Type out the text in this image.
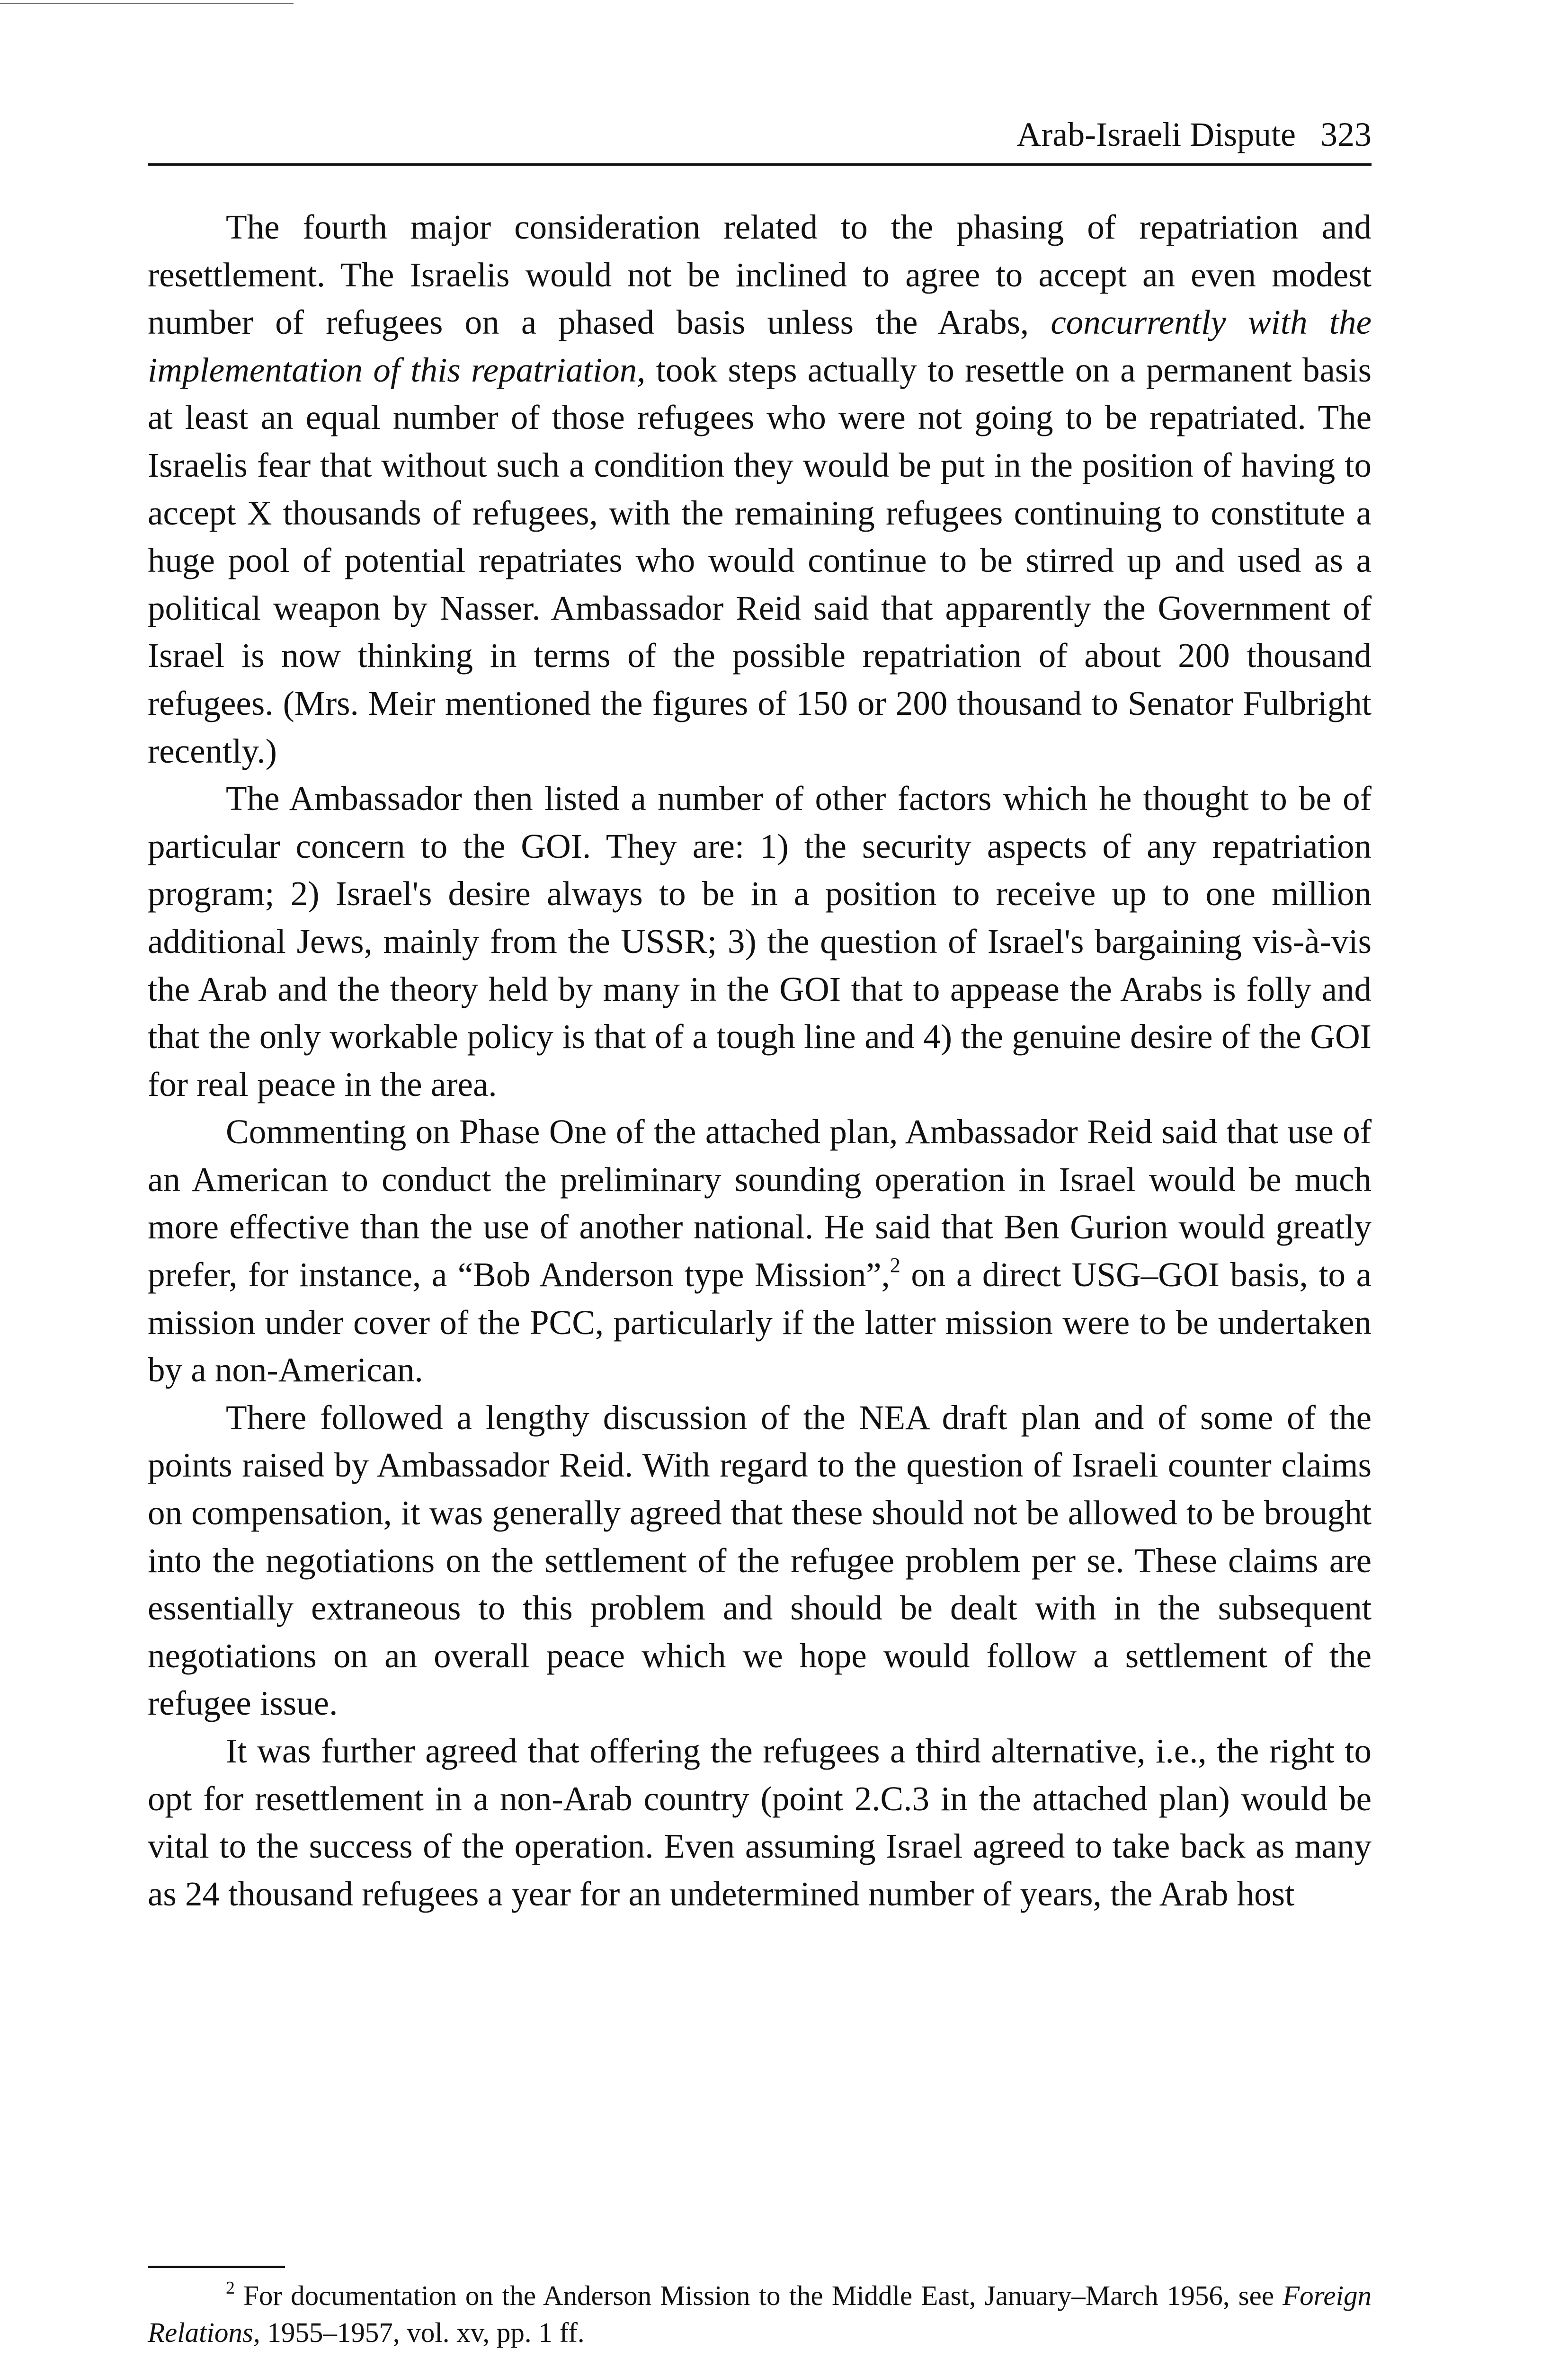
Arab-Israeli Dispute 323

The fourth major consideration related to the phasing of repatriation and resettlement. The Israelis would not be inclined to agree to accept an even modest number of refugees on a phased basis unless the Arabs, concurrently with the implementation of this repatriation, took steps actually to resettle on a permanent basis at least an equal number of those refugees who were not going to be repatriated. The Israelis fear that without such a condition they would be put in the position of having to accept X thousands of refugees, with the remaining refugees continuing to constitute a huge pool of potential repatriates who would continue to be stirred up and used as a political weapon by Nasser. Ambassador Reid said that apparently the Government of Israel is now thinking in terms of the possible repatriation of about 200 thousand refugees. (Mrs. Meir mentioned the figures of 150 or 200 thousand to Senator Fulbright recently.)

The Ambassador then listed a number of other factors which he thought to be of particular concern to the GOI. They are: 1) the security aspects of any repatriation program; 2) Israel's desire always to be in a position to receive up to one million additional Jews, mainly from the USSR; 3) the question of Israel's bargaining vis-à-vis the Arab and the theory held by many in the GOI that to appease the Arabs is folly and that the only workable policy is that of a tough line and 4) the genuine desire of the GOI for real peace in the area.

Commenting on Phase One of the attached plan, Ambassador Reid said that use of an American to conduct the preliminary sounding operation in Israel would be much more effective than the use of another national. He said that Ben Gurion would greatly prefer, for instance, a “Bob Anderson type Mission”,$^2$ on a direct USG–GOI basis, to a mission under cover of the PCC, particularly if the latter mission were to be undertaken by a non-American.

There followed a lengthy discussion of the NEA draft plan and of some of the points raised by Ambassador Reid. With regard to the question of Israeli counter claims on compensation, it was generally agreed that these should not be allowed to be brought into the negotiations on the settlement of the refugee problem per se. These claims are essentially extraneous to this problem and should be dealt with in the subsequent negotiations on an overall peace which we hope would follow a settlement of the refugee issue.

It was further agreed that offering the refugees a third alternative, i.e., the right to opt for resettlement in a non-Arab country (point 2.C.3 in the attached plan) would be vital to the success of the operation. Even assuming Israel agreed to take back as many as 24 thousand refugees a year for an undetermined number of years, the Arab host

$^2$ For documentation on the Anderson Mission to the Middle East, January–March 1956, see Foreign Relations, 1955–1957, vol. xv, pp. 1 ff.
